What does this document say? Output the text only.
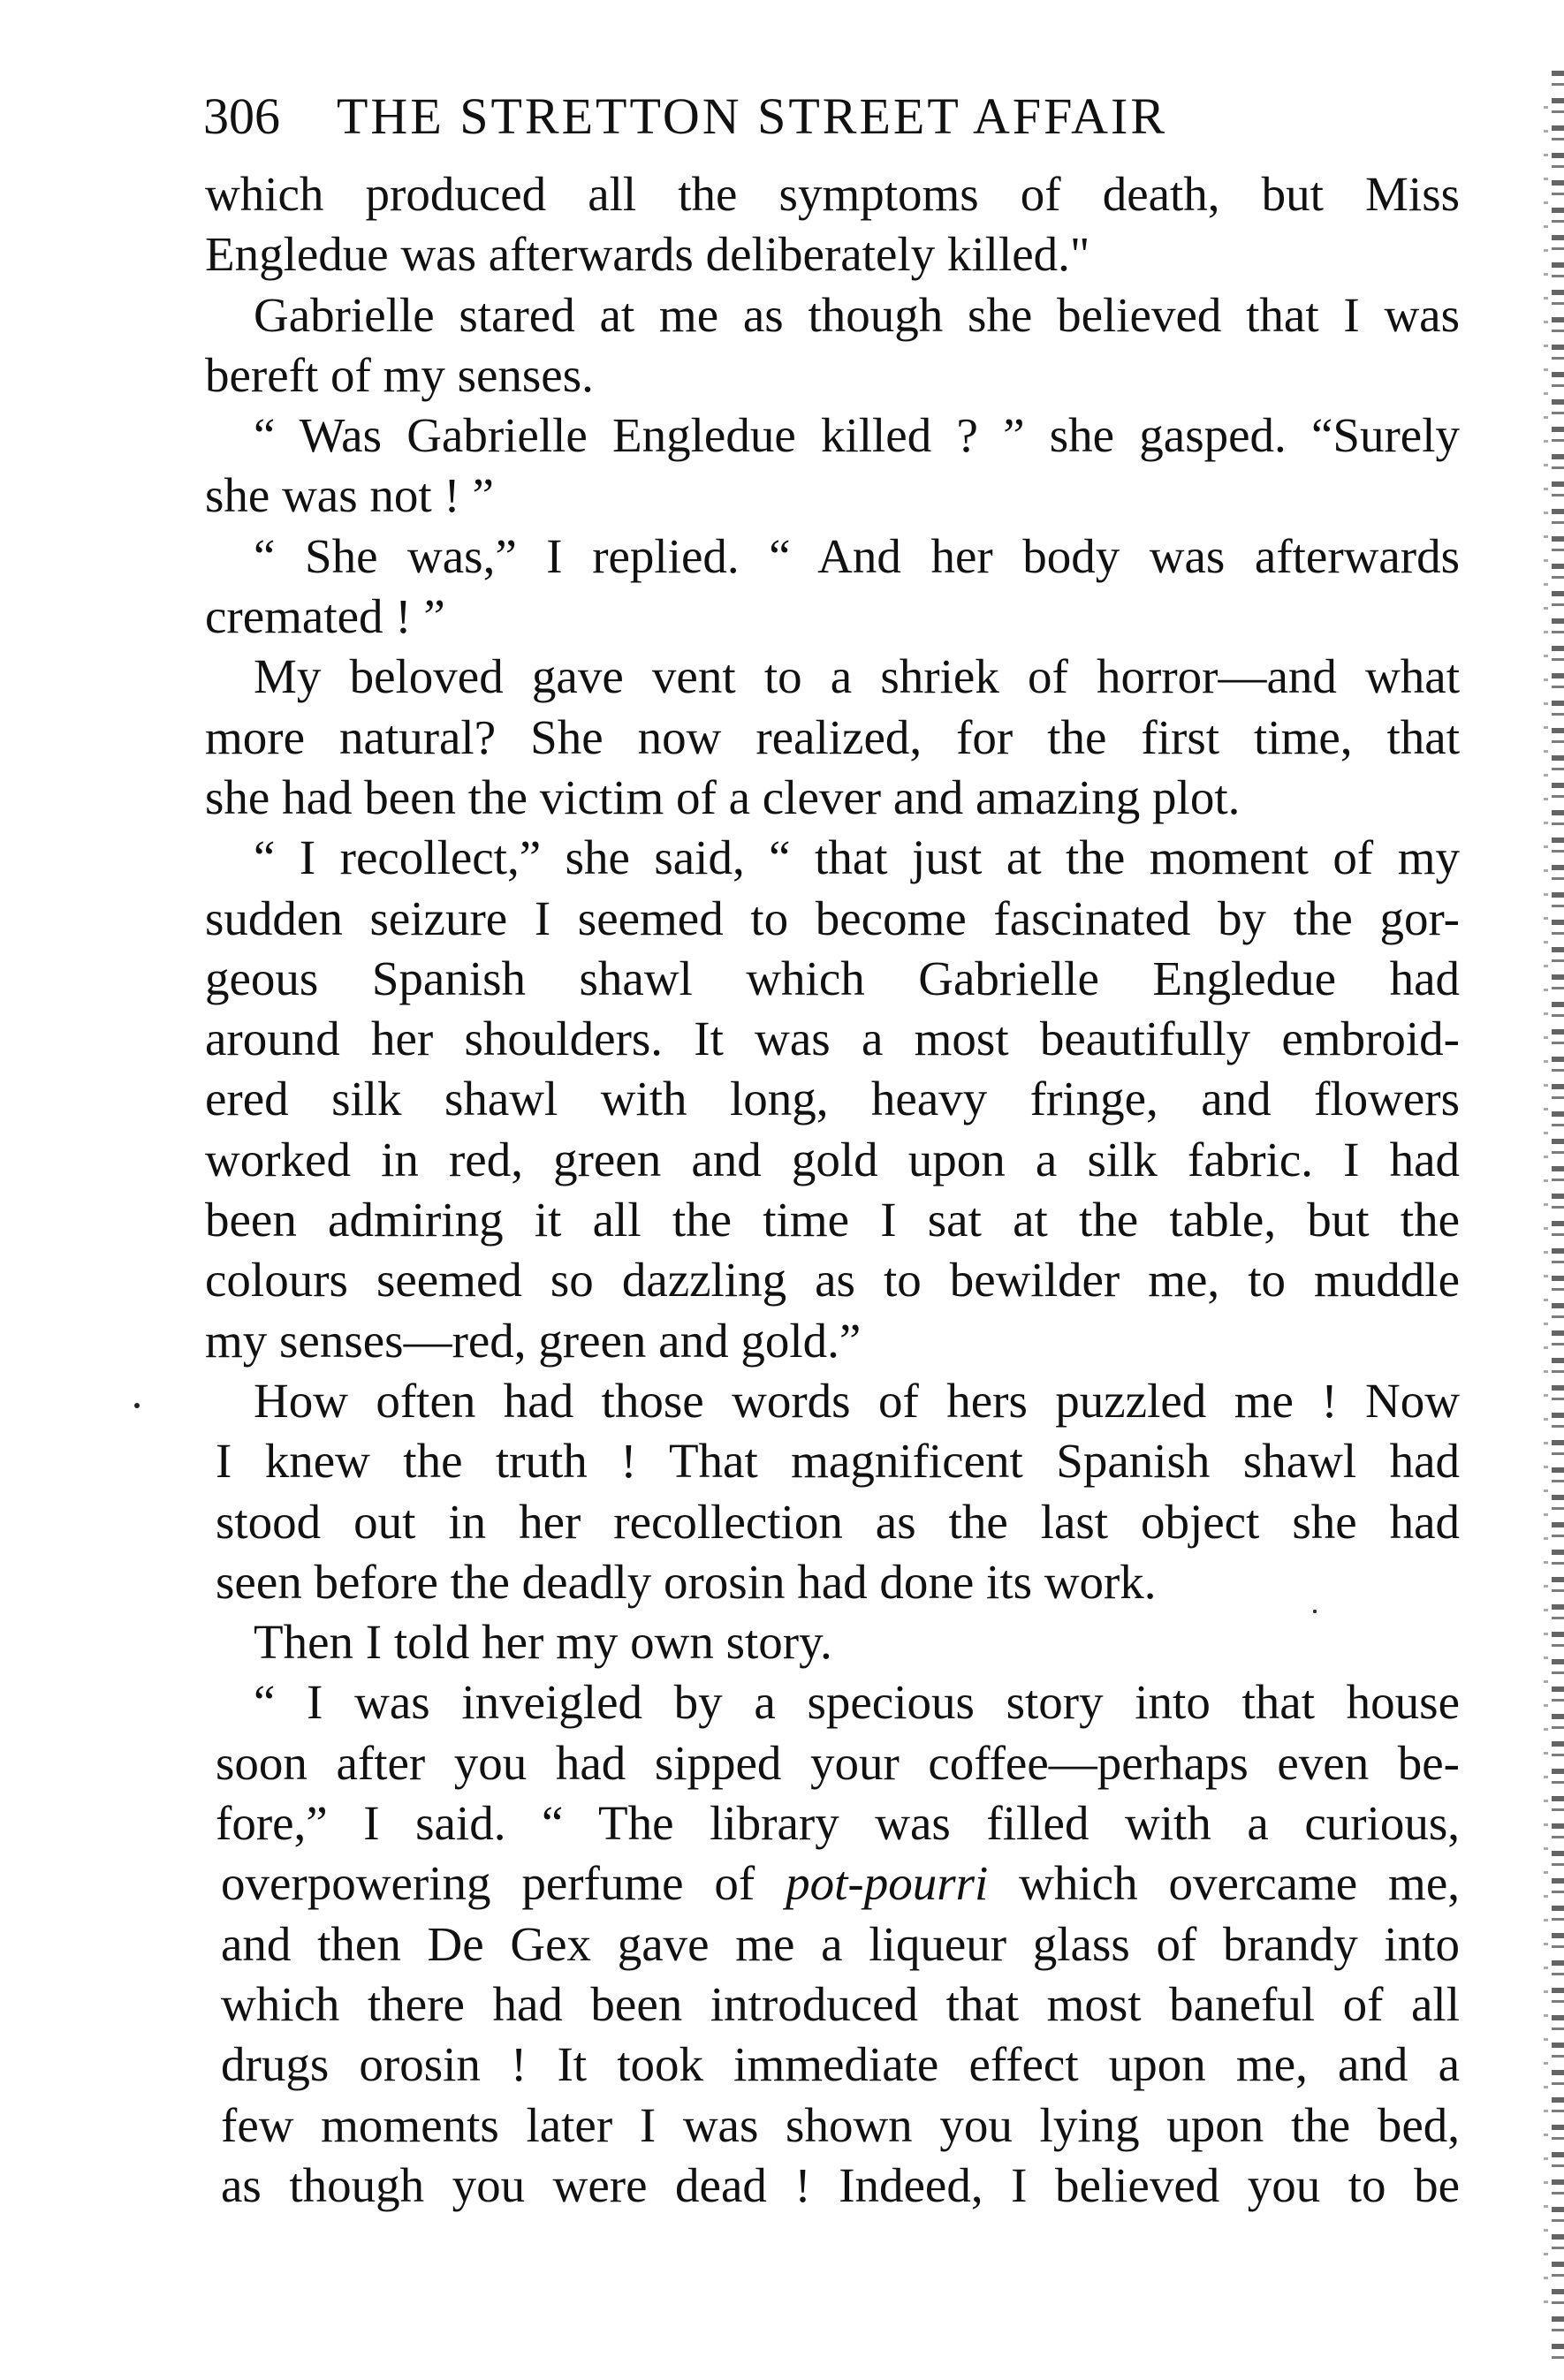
306 THE STRETTON STREET AFFAIR
which produced all the symptoms of death, but Miss
Engledue was afterwards deliberately killed."
Gabrielle stared at me as though she believed that I was
bereft of my senses.
“ Was Gabrielle Engledue killed ? ” she gasped. “Surely
she was not ! ”
“ She was,” I replied. “ And her body was afterwards
cremated ! ”
My beloved gave vent to a shriek of horror—and what
more natural? She now realized, for the first time, that
she had been the victim of a clever and amazing plot.
“ I recollect,” she said, “ that just at the moment of my
sudden seizure I seemed to become fascinated by the gor-
geous Spanish shawl which Gabrielle Engledue had
around her shoulders. It was a most beautifully embroid-
ered silk shawl with long, heavy fringe, and flowers
worked in red, green and gold upon a silk fabric. I had
been admiring it all the time I sat at the table, but the
colours seemed so dazzling as to bewilder me, to muddle
my senses—red, green and gold.”
How often had those words of hers puzzled me ! Now
I knew the truth ! That magnificent Spanish shawl had
stood out in her recollection as the last object she had
seen before the deadly orosin had done its work.
Then I told her my own story.
“ I was inveigled by a specious story into that house
soon after you had sipped your coffee—perhaps even be-
fore,” I said. “ The library was filled with a curious,
overpowering perfume of pot-pourri which overcame me,
and then De Gex gave me a liqueur glass of brandy into
which there had been introduced that most baneful of all
drugs orosin ! It took immediate effect upon me, and a
few moments later I was shown you lying upon the bed,
as though you were dead ! Indeed, I believed you to be
